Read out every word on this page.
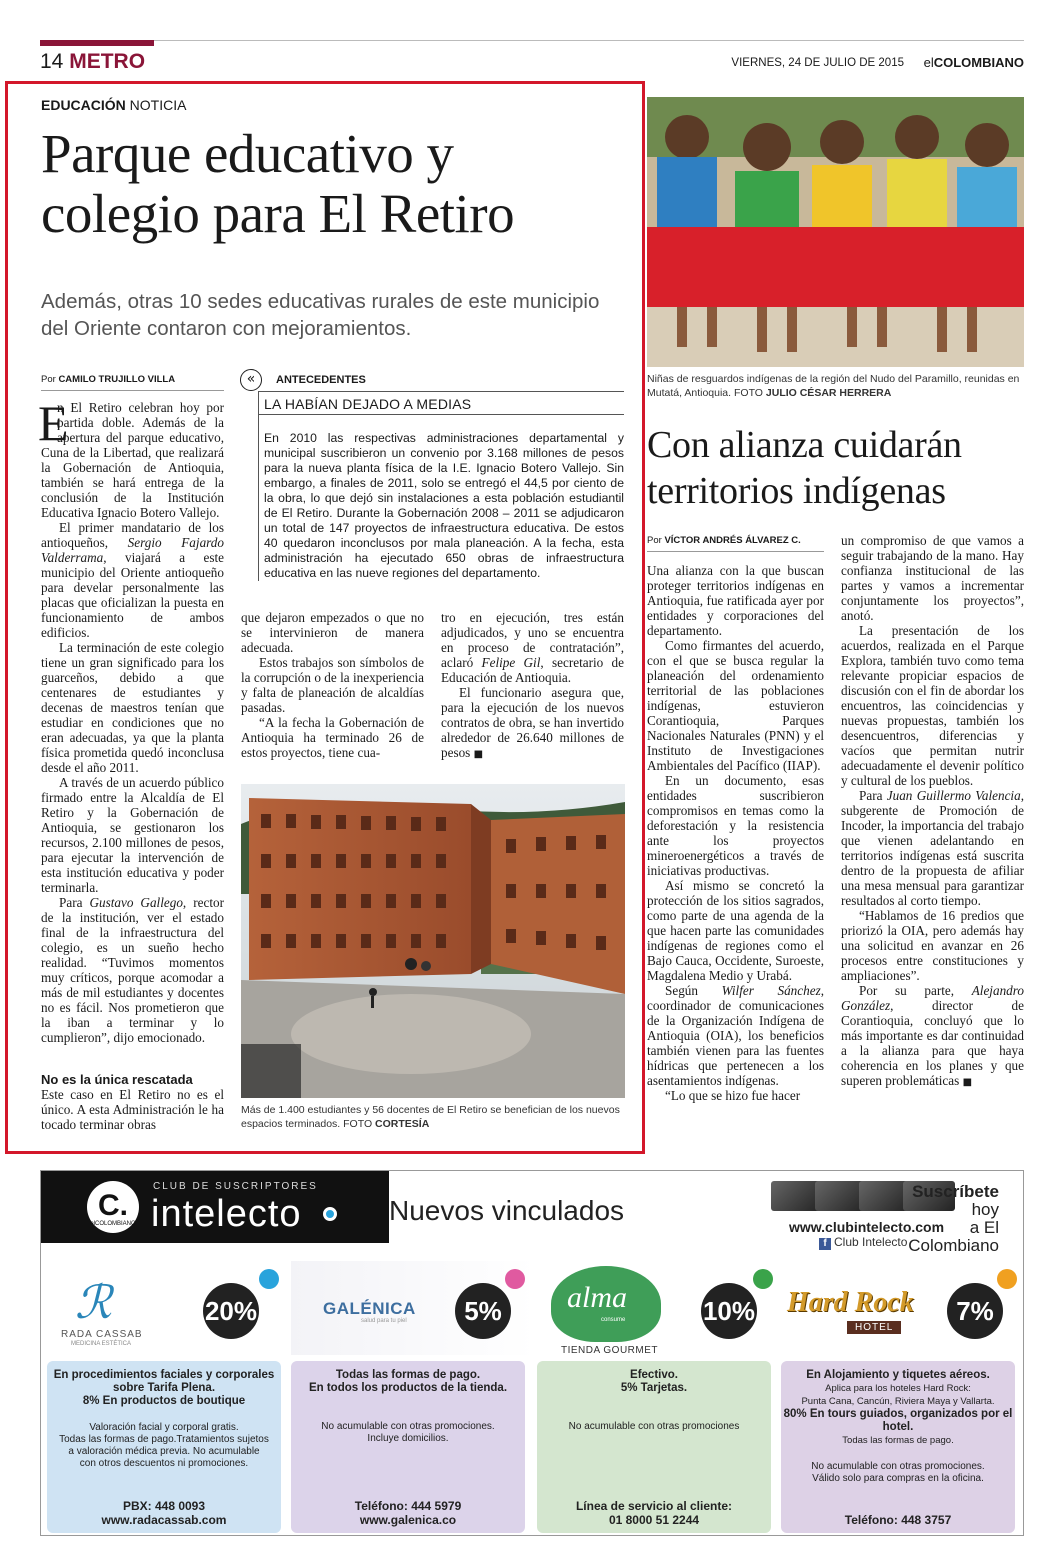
14 METRO	VIERNES, 24 DE JULIO DE 2015 elCOLOMBIANO
EDUCACIÓN NOTICIA
Parque educativo y
colegio para El Retiro
Además, otras 10 sedes educativas rurales de este municipio del Oriente contaron con mejoramientos.
Por CAMILO TRUJILLO VILLA
E

n El Retiro celebran hoy por partida doble. Además de la apertura del parque educativo, Cuna de la Libertad, que realizará la Gobernación de Antioquia, también se hará entrega de la conclusión de la Institución Educativa Ignacio Botero Vallejo.

El primer mandatario de los antioqueños, Sergio Fajardo Valderrama, viajará a este municipio del Oriente antioqueño para develar personalmente las placas que oficializan la puesta en funcionamiento de ambos edificios.

La terminación de este colegio tiene un gran significado para los guarceños, debido a que centenares de estudiantes y decenas de maestros tenían que estudiar en condiciones que no eran adecuadas, ya que la planta física prometida quedó inconclusa desde el año 2011.

A través de un acuerdo público firmado entre la Alcaldía de El Retiro y la Gobernación de Antioquia, se gestionaron los recursos, 2.100 millones de pesos, para ejecutar la intervención de esta institución educativa y poder terminarla.

Para Gustavo Gallego, rector de la institución, ver el estado final de la infraestructura del colegio, es un sueño hecho realidad. “Tuvimos momentos muy críticos, porque acomodar a más de mil estudiantes y docentes no es fácil. Nos prometieron que la iban a terminar y lo cumplieron”, dijo emocionado.

No es la única rescatada

Este caso en El Retiro no es el único. A esta Administración le ha tocado terminar obras

«	ANTECEDENTES
LA HABÍAN DEJADO A MEDIAS
En 2010 las respectivas administraciones departamental y municipal suscribieron un convenio por 3.168 millones de pesos para la nueva planta física de la I.E. Ignacio Botero Vallejo. Sin embargo, a finales de 2011, solo se entregó el 44,5 por ciento de la obra, lo que dejó sin instalaciones a esta población estudiantil de El Retiro. Durante la Gobernación 2008 – 2011 se adjudicaron un total de 147 proyectos de infraestructura educativa. De estos 40 quedaron inconclusos por mala planeación. A la fecha, esta administración ha ejecutado 650 obras de infraestructura educativa en las nueve regiones del departamento.

que dejaron empezados o que no se intervinieron de manera adecuada.

Estos trabajos son símbolos de la corrupción o de la inexperiencia y falta de planeación de alcaldías pasadas.

“A la fecha la Gobernación de Antioquia ha terminado 26 de estos proyectos, tiene cua-

tro en ejecución, tres están adjudicados, y uno se encuentra en proceso de contratación”, aclaró Felipe Gil, secretario de Educación de Antioquia.

El funcionario asegura que, para la ejecución de los nuevos contratos de obra, se han invertido alrededor de 26.640 millones de pesos ■

Más de 1.400 estudiantes y 56 docentes de El Retiro se benefician de los nuevos espacios terminados. FOTO CORTESÍA
Niñas de resguardos indígenas de la región del Nudo del Paramillo, reunidas en Mutatá, Antioquia. FOTO JULIO CÉSAR HERRERA
Con alianza cuidarán
territorios indígenas
Por VÍCTOR ANDRÉS ÁLVAREZ C.

Una alianza con la que buscan proteger territorios indígenas en Antioquia, fue ratificada ayer por entidades y corporaciones del departamento.

Como firmantes del acuerdo, con el que se busca regular la planeación del ordenamiento territorial de las poblaciones indígenas, estuvieron Corantioquia, Parques Nacionales Naturales (PNN) y el Instituto de Investigaciones Ambientales del Pacífico (IIAP).

En un documento, esas entidades suscribieron compromisos en temas como la deforestación y la resistencia ante los proyectos mineroenergéticos a través de iniciativas productivas.

Así mismo se concretó la protección de los sitios sagrados, como parte de una agenda de la que hacen parte las comunidades indígenas de regiones como el Bajo Cauca, Occidente, Suroeste, Magdalena Medio y Urabá.

Según Wilfer Sánchez, coordinador de comunicaciones de la Organización Indígena de Antioquia (OIA), los beneficios también vienen para las fuentes hídricas que pertenecen a los asentamientos indígenas.

“Lo que se hizo fue hacer

un compromiso de que vamos a seguir trabajando de la mano. Hay confianza institucional de las partes y vamos a incrementar conjuntamente los proyectos”, anotó.

La presentación de los acuerdos, realizada en el Parque Explora, también tuvo como tema relevante propiciar espacios de discusión con el fin de abordar los encuentros, las coincidencias y nuevas propuestas, también los desencuentros, diferencias y vacíos que permitan nutrir adecuadamente el devenir político y cultural de los pueblos.

Para Juan Guillermo Valencia, subgerente de Promoción de Incoder, la importancia del trabajo que vienen adelantando en territorios indígenas está suscrita dentro de la propuesta de afiliar una mesa mensual para garantizar resultados al corto tiempo.

“Hablamos de 16 predios que priorizó la OIA, pero además hay una solicitud en avanzar en 26 procesos entre constituciones y ampliaciones”.

Por su parte, Alejandro González, director de Corantioquia, concluyó que lo más importante es dar continuidad a la alianza para que haya coherencia en los planes y que superen problemáticas ■

C.
elCOLOMBIANO
CLUB DE SUSCRIPTORES
intelecto	Nuevos vinculados
Suscríbete hoy
a El Colombiano
www.clubintelecto.com
f Club Intelecto
ℛ
RADA CASSAB
MEDICINA ESTÉTICA
20%
En procedimientos faciales y corporales
sobre Tarifa Plena.
8% En productos de boutique
Valoración facial y corporal gratis.
Todas las formas de pago.Tratamientos sujetos
a valoración médica previa. No acumulable
con otros descuentos ni promociones.
PBX: 448 0093
www.radacassab.com
GALÉNICA
salud para tu piel	5%
Todas las formas de pago.
En todos los productos de la tienda.
No acumulable con otras promociones.
Incluye domicilios.
Teléfono: 444 5979
www.galenica.co
alma
consume
TIENDA GOURMET
10%
Efectivo.
5% Tarjetas.
No acumulable con otras promociones
Línea de servicio al cliente:
01 8000 51 2244
Hard Rock
HOTEL
7%
En Alojamiento y tiquetes aéreos.
Aplica para los hoteles Hard Rock:
Punta Cana, Cancún, Riviera Maya y Vallarta.
80% En tours guiados, organizados por el hotel.
Todas las formas de pago.
No acumulable con otras promociones.
Válido solo para compras en la oficina.
Teléfono: 448 3757
